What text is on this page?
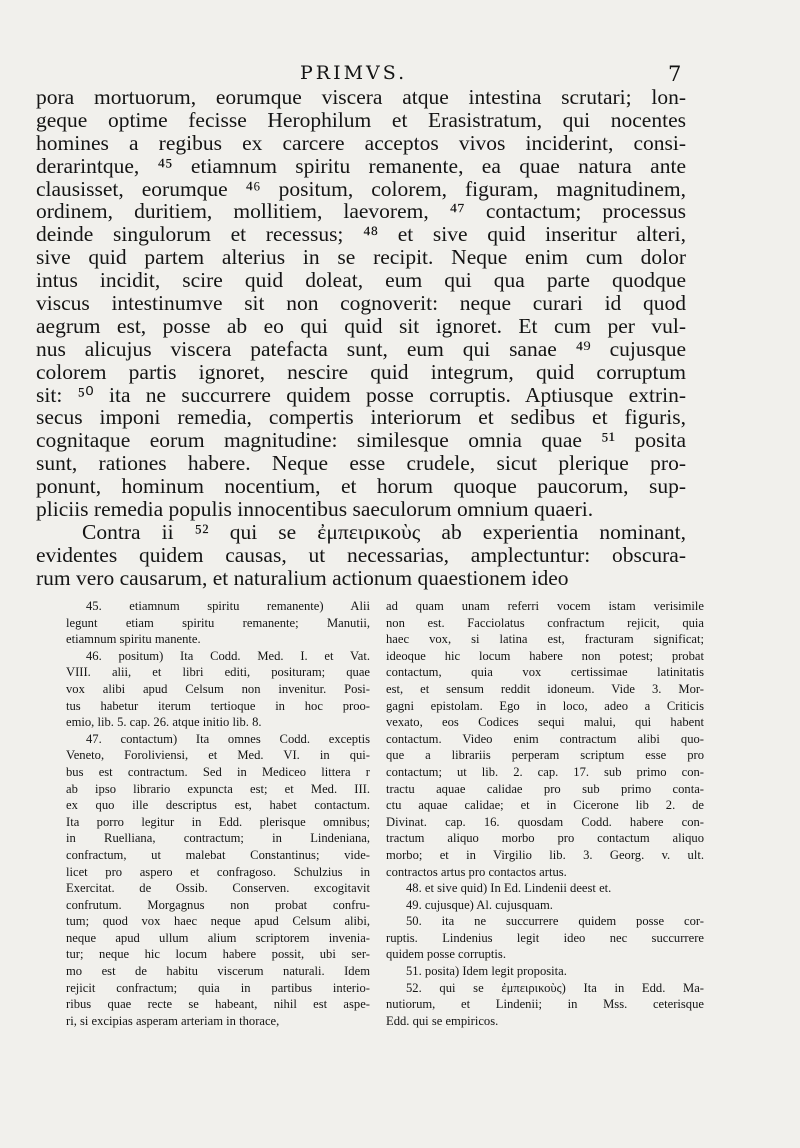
PRIMVS.	7
pora mortuorum, eorumque viscera atque intestina scrutari; lon-
geque optime fecisse Herophilum et Erasistratum, qui nocentes
homines a regibus ex carcere acceptos vivos inciderint, consi-
derarintque, ⁴⁵ etiamnum spiritu remanente, ea quae natura ante
clausisset, eorumque ⁴⁶ positum, colorem, figuram, magnitudinem,
ordinem, duritiem, mollitiem, laevorem, ⁴⁷ contactum; processus
deinde singulorum et recessus; ⁴⁸ et sive quid inseritur alteri,
sive quid partem alterius in se recipit. Neque enim cum dolor
intus incidit, scire quid doleat, eum qui qua parte quodque
viscus intestinumve sit non cognoverit: neque curari id quod
aegrum est, posse ab eo qui quid sit ignoret. Et cum per vul-
nus alicujus viscera patefacta sunt, eum qui sanae ⁴⁹ cujusque
colorem partis ignoret, nescire quid integrum, quid corruptum
sit: ⁵⁰ ita ne succurrere quidem posse corruptis. Aptiusque extrin-
secus imponi remedia, compertis interiorum et sedibus et figuris,
cognitaque eorum magnitudine: similesque omnia quae ⁵¹ posita
sunt, rationes habere. Neque esse crudele, sicut plerique pro-
ponunt, hominum nocentium, et horum quoque paucorum, sup-
pliciis remedia populis innocentibus saeculorum omnium quaeri.
Contra ii ⁵² qui se ἐμπειρικοὺς ab experientia nominant,
evidentes quidem causas, ut necessarias, amplectuntur: obscura-
rum vero causarum, et naturalium actionum quaestionem ideo
45. etiamnum spiritu remanente) Alii
legunt etiam spiritu remanente; Manutii,
etiamnum spiritu manente.
46. positum) Ita Codd. Med. I. et Vat.
VIII. alii, et libri editi, posituram; quae
vox alibi apud Celsum non invenitur. Posi-
tus habetur iterum tertioque in hoc proo-
emio, lib. 5. cap. 26. atque initio lib. 8.
47. contactum) Ita omnes Codd. exceptis
Veneto, Foroliviensi, et Med. VI. in qui-
bus est contractum. Sed in Mediceo littera r
ab ipso librario expuncta est; et Med. III.
ex quo ille descriptus est, habet contactum.
Ita porro legitur in Edd. plerisque omnibus;
in Ruelliana, contractum; in Lindeniana,
confractum, ut malebat Constantinus; vide-
licet pro aspero et confragoso. Schulzius in
Exercitat. de Ossib. Conserven. excogitavit
confrutum. Morgagnus non probat confru-
tum; quod vox haec neque apud Celsum alibi,
neque apud ullum alium scriptorem invenia-
tur; neque hic locum habere possit, ubi ser-
mo est de habitu viscerum naturali. Idem
rejicit confractum; quia in partibus interio-
ribus quae recte se habeant, nihil est aspe-
ri, si excipias asperam arteriam in thorace,
ad quam unam referri vocem istam verisimile
non est. Facciolatus confractum rejicit, quia
haec vox, si latina est, fracturam significat;
ideoque hic locum habere non potest; probat
contactum, quia vox certissimae latinitatis
est, et sensum reddit idoneum. Vide 3. Mor-
gagni epistolam. Ego in loco, adeo a Criticis
vexato, eos Codices sequi malui, qui habent
contactum. Video enim contractum alibi quo-
que a librariis perperam scriptum esse pro
contactum; ut lib. 2. cap. 17. sub primo con-
tractu aquae calidae pro sub primo conta-
ctu aquae calidae; et in Cicerone lib 2. de
Divinat. cap. 16. quosdam Codd. habere con-
tractum aliquo morbo pro contactum aliquo
morbo; et in Virgilio lib. 3. Georg. v. ult.
contractos artus pro contactos artus.
48. et sive quid) In Ed. Lindenii deest et.
49. cujusque) Al. cujusquam.
50. ita ne succurrere quidem posse cor-
ruptis. Lindenius legit ideo nec succurrere
quidem posse corruptis.
51. posita) Idem legit proposita.
52. qui se ἐμπειρικοὺς) Ita in Edd. Ma-
nutiorum, et Lindenii; in Mss. ceterisque
Edd. qui se empiricos.
